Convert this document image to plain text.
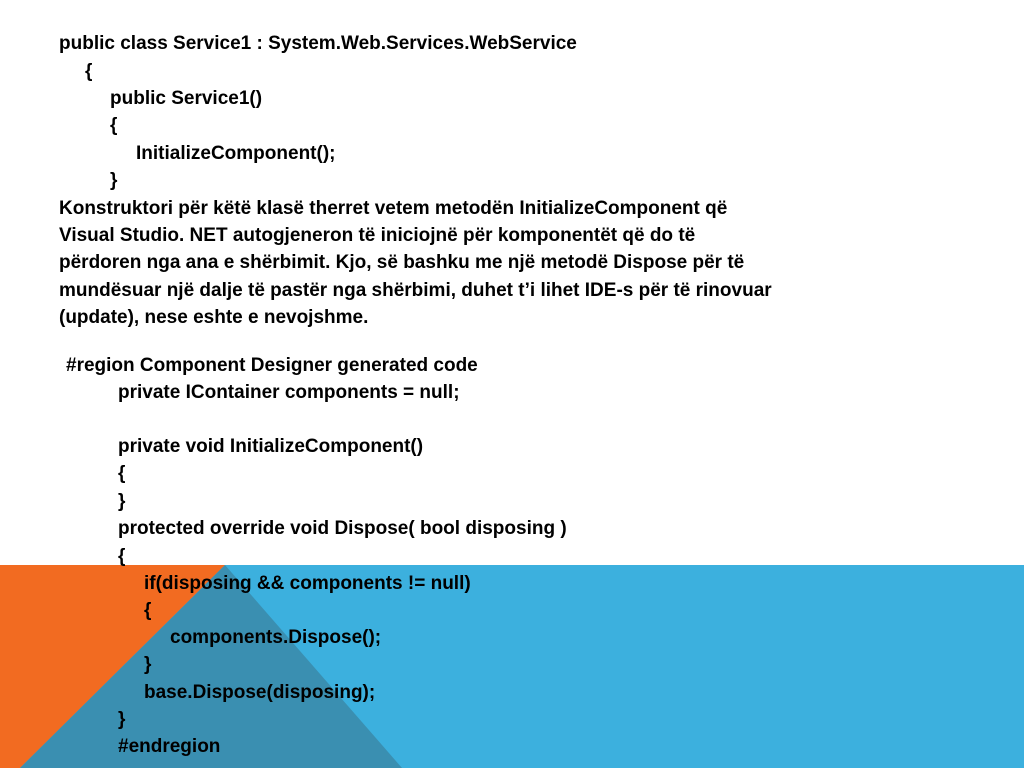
public class Service1 : System.Web.Services.WebService
{
public Service1()
{
InitializeComponent();
}
Konstruktori për këtë klasë therret vetem metodën InitializeComponent që
Visual Studio. NET autogjeneron të iniciojnë për komponentët që do të
përdoren nga ana e shërbimit. Kjo, së bashku me një metodë Dispose për të
mundësuar një dalje të pastër nga shërbimi, duhet t’i lihet IDE-s për të rinovuar
(update), nese eshte e nevojshme.
#region Component Designer generated code
private IContainer components = null;
private void InitializeComponent()
{
}
protected override void Dispose( bool disposing )
{
if(disposing && components != null)
{
components.Dispose();
}
base.Dispose(disposing);
}
#endregion
